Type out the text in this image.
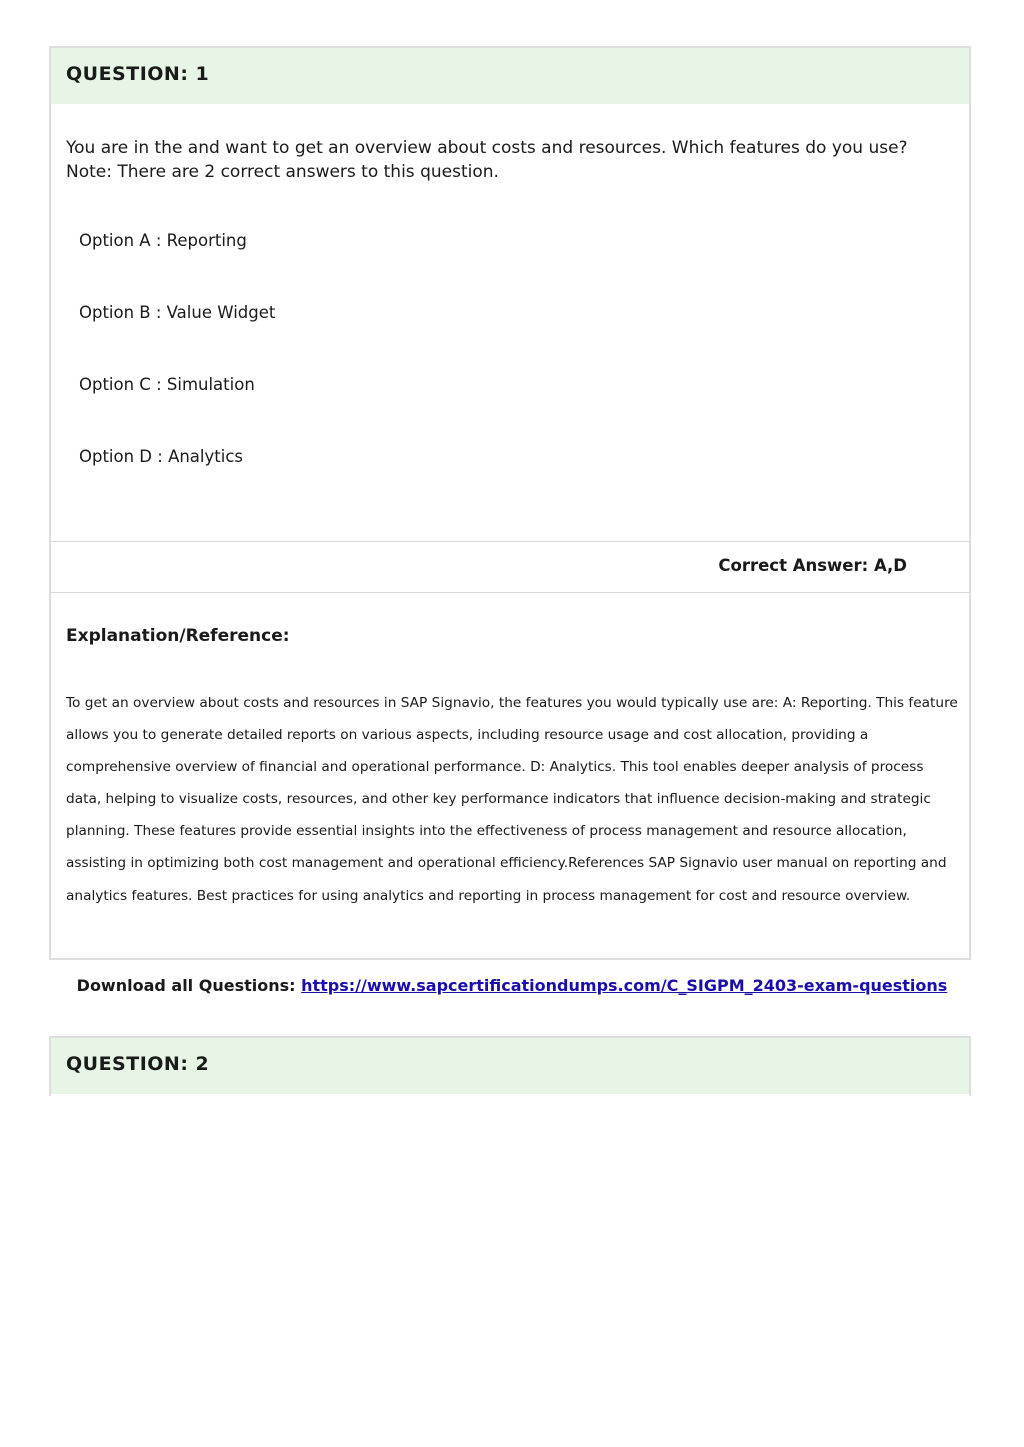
QUESTION: 1
You are in the and want to get an overview about costs and resources. Which features do you use?Note: There are 2 correct answers to this question.
Option A : Reporting
Option B : Value Widget
Option C : Simulation
Option D : Analytics
Correct Answer: A,D
Explanation/Reference:
To get an overview about costs and resources in SAP Signavio, the features you would typically use are: A: Reporting. This feature allows you to generate detailed reports on various aspects, including resource usage and cost allocation, providing a comprehensive overview of financial and operational performance. D: Analytics. This tool enables deeper analysis of process data, helping to visualize costs, resources, and other key performance indicators that influence decision-making and strategic planning. These features provide essential insights into the effectiveness of process management and resource allocation, assisting in optimizing both cost management and operational efficiency.References SAP Signavio user manual on reporting and analytics features. Best practices for using analytics and reporting in process management for cost and resource overview.
Download all Questions: https://www.sapcertificationdumps.com/C_SIGPM_2403-exam-questions
QUESTION: 2
